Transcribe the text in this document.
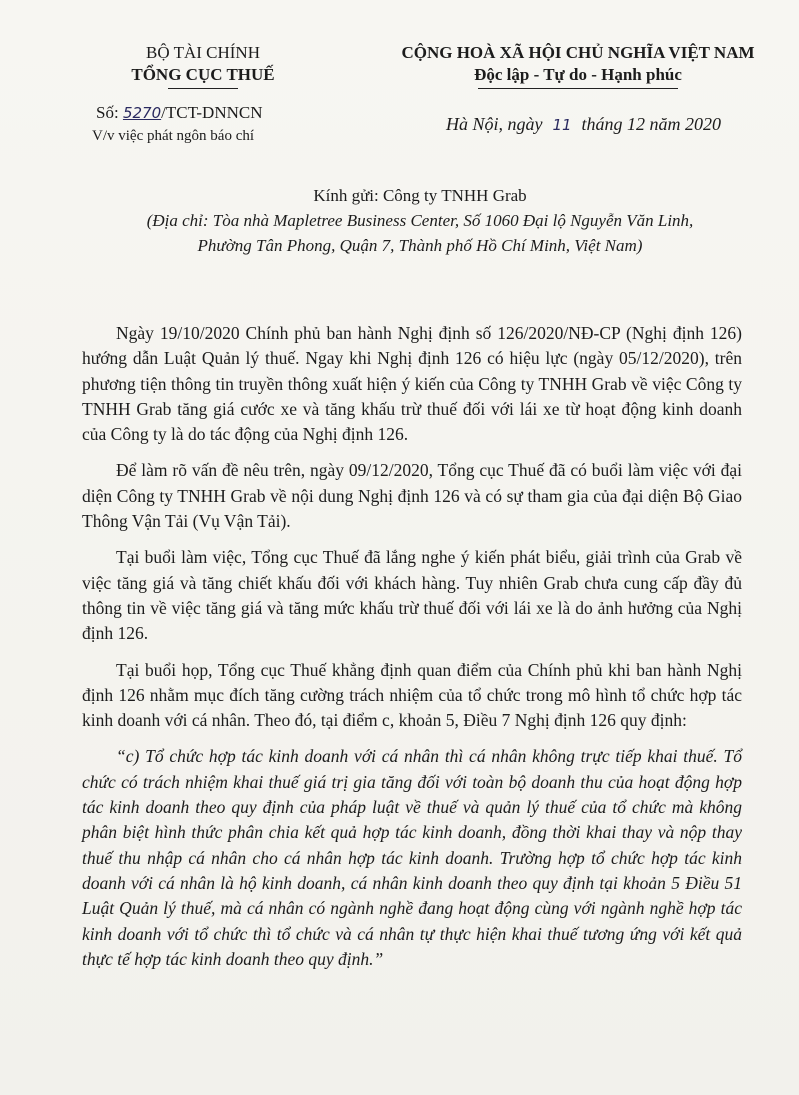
BỘ TÀI CHÍNH
TỔNG CỤC THUẾ
CỘNG HOÀ XÃ HỘI CHỦ NGHĨA VIỆT NAM
Độc lập - Tự do - Hạnh phúc
Số: 5270/TCT-DNNCN
V/v việc phát ngôn báo chí
Hà Nội, ngày 11 tháng 12 năm 2020
Kính gửi: Công ty TNHH Grab
(Địa chỉ: Tòa nhà Mapletree Business Center, Số 1060 Đại lộ Nguyễn Văn Linh,
Phường Tân Phong, Quận 7, Thành phố Hồ Chí Minh, Việt Nam)

Ngày 19/10/2020 Chính phủ ban hành Nghị định số 126/2020/NĐ-CP (Nghị định 126) hướng dẫn Luật Quản lý thuế. Ngay khi Nghị định 126 có hiệu lực (ngày 05/12/2020), trên phương tiện thông tin truyền thông xuất hiện ý kiến của Công ty TNHH Grab về việc Công ty TNHH Grab tăng giá cước xe và tăng khấu trừ thuế đối với lái xe từ hoạt động kinh doanh của Công ty là do tác động của Nghị định 126.

Để làm rõ vấn đề nêu trên, ngày 09/12/2020, Tổng cục Thuế đã có buổi làm việc với đại diện Công ty TNHH Grab về nội dung Nghị định 126 và có sự tham gia của đại diện Bộ Giao Thông Vận Tải (Vụ Vận Tải).

Tại buổi làm việc, Tổng cục Thuế đã lắng nghe ý kiến phát biểu, giải trình của Grab về việc tăng giá và tăng chiết khấu đối với khách hàng. Tuy nhiên Grab chưa cung cấp đầy đủ thông tin về việc tăng giá và tăng mức khấu trừ thuế đối với lái xe là do ảnh hưởng của Nghị định 126.

Tại buổi họp, Tổng cục Thuế khẳng định quan điểm của Chính phủ khi ban hành Nghị định 126 nhằm mục đích tăng cường trách nhiệm của tổ chức trong mô hình tổ chức hợp tác kinh doanh với cá nhân. Theo đó, tại điểm c, khoản 5, Điều 7 Nghị định 126 quy định:

“c) Tổ chức hợp tác kinh doanh với cá nhân thì cá nhân không trực tiếp khai thuế. Tổ chức có trách nhiệm khai thuế giá trị gia tăng đối với toàn bộ doanh thu của hoạt động hợp tác kinh doanh theo quy định của pháp luật về thuế và quản lý thuế của tổ chức mà không phân biệt hình thức phân chia kết quả hợp tác kinh doanh, đồng thời khai thay và nộp thay thuế thu nhập cá nhân cho cá nhân hợp tác kinh doanh. Trường hợp tổ chức hợp tác kinh doanh với cá nhân là hộ kinh doanh, cá nhân kinh doanh theo quy định tại khoản 5 Điều 51 Luật Quản lý thuế, mà cá nhân có ngành nghề đang hoạt động cùng với ngành nghề hợp tác kinh doanh với tổ chức thì tổ chức và cá nhân tự thực hiện khai thuế tương ứng với kết quả thực tế hợp tác kinh doanh theo quy định.”
